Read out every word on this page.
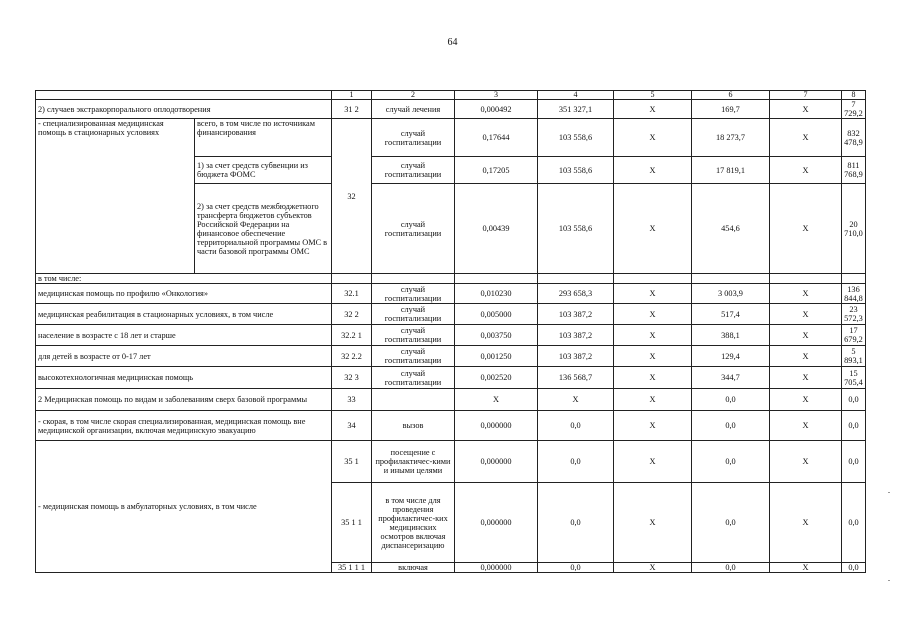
64
		1	2	3	4	5	6	7	8	
2) случаев экстракорпорального оплодотворения		31 2	случай лечения	0,000492	351 327,1	X	169,7	X	7 729,2	
- специализированная медицинская помощь в стационарных условиях	всего, в том числе по источникам финансирования	32	случай госпитализации	0,17644	103 558,6	X	18 273,7	X	832 478,9	
	1) за счет средств субвенции из бюджета ФОМС		случай госпитализации	0,17205	103 558,6	X	17 819,1	X	811 768,9	
	2) за счет средств межбюджетного трансферта бюджетов субъектов Российской Федерации на финансовое обеспечение территориальной программы ОМС в части базовой программы ОМС		случай госпитализации	0,00439	103 558,6	X	454,6	X	20 710,0	
в том числе:										
медицинская помощь по профилю «Онкология»		32.1	случай госпитализации	0,010230	293 658,3	X	3 003,9	X	136 844,8	
медицинская реабилитация в стационарных условиях, в том числе		32 2	случай госпитализации	0,005000	103 387,2	X	517,4	X	23 572,3	
население в возрасте с 18 лет и старше		32.2 1	случай госпитализации	0,003750	103 387,2	X	388,1	X	17 679,2	
для детей в возрасте от 0-17 лет		32 2.2	случай госпитализации	0,001250	103 387,2	X	129,4	X	5 893,1	
высокотехнологичная медицинская помощь		32 3	случай госпитализации	0,002520	136 568,7	X	344,7	X	15 705,4	
2 Медицинская помощь по видам и заболеваниям сверх базовой программы		33		X	X	X	0,0	X	0,0	
- скорая, в том числе скорая специализированная, медицинская помощь вне медицинской организации, включая медицинскую эвакуацию		34	вызов	0,000000	0,0	X	0,0	X	0,0	
- медицинская помощь в амбулаторных условиях, в том числе		35 1	посещение с профилактичес-кими и иными целями	0,000000	0,0	X	0,0	X	0,0	
		35 1 1	в том числе для проведения профилактичес-ких медицинских осмотров включая диспансеризацию	0,000000	0,0	X	0,0	X	0,0	
		35 1 1 1	включая	0,000000	0,0	X	0,0	X	0,0	
